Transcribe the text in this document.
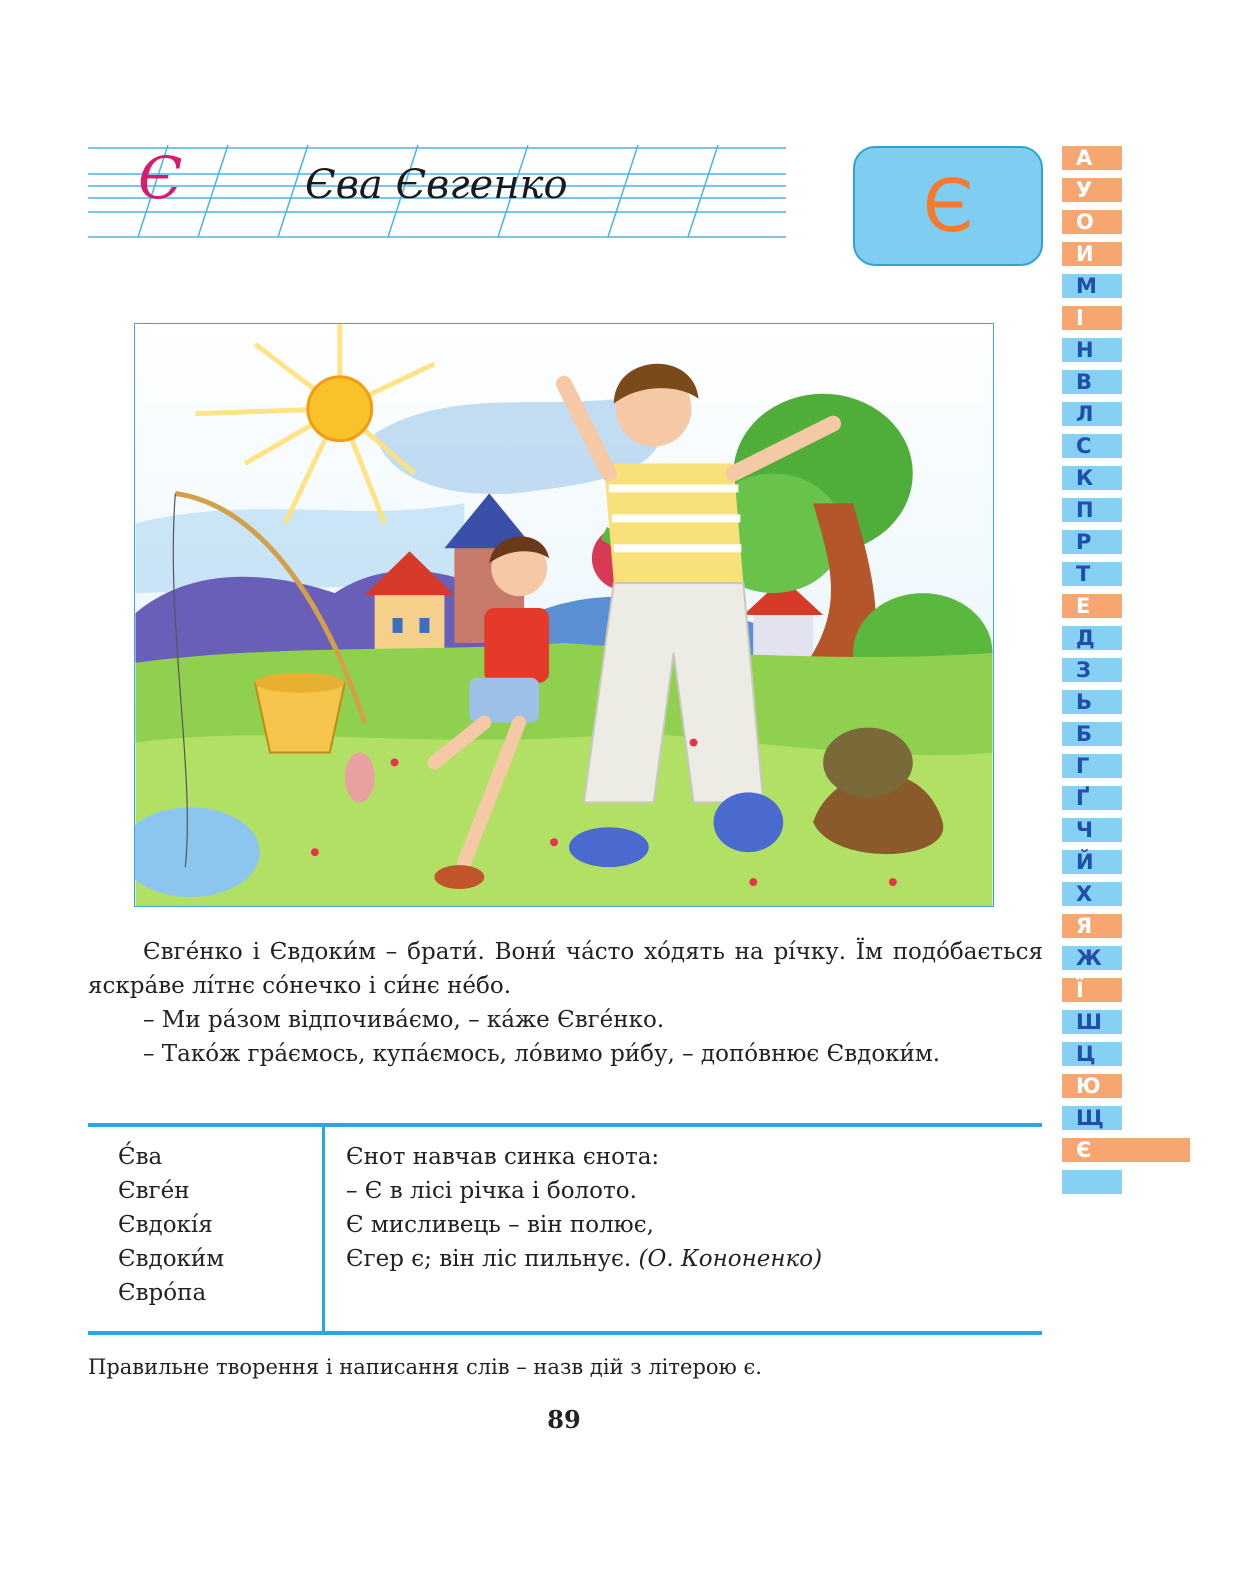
Є	Єва Євгенко	Є
А
У
О
И
М
І
Н
В
Л
С
К
П
Р
Т
Е
Д
З
Ь
Б
Г
Ґ
Ч
Й
Х
Я
Ж
Ї
Ш
Ц
Ю
Щ
Є

Євге́нко і Євдоки́м – брати́. Вони́ ча́сто хо́дять на рі́чку. Їм подо́бається яскра́ве лі́тнє со́нечко і си́нє не́бо.

– Ми ра́зом відпочива́ємо, – ка́же Євге́нко.

– Тако́ж гра́ємось, купа́ємось, ло́вимо ри́бу, – допо́внює Євдоки́м.

Є́ва
Євге́н
Євдокі́я
Євдоки́м
Євро́па
Єнот навчав синка єнота:
– Є в лісі річка і болото.
Є мисливець – він полює,
Єгер є; він ліс пильнує. (О. Кононенко)
Правильне творення і написання слів – назв дій з літерою є.
89
